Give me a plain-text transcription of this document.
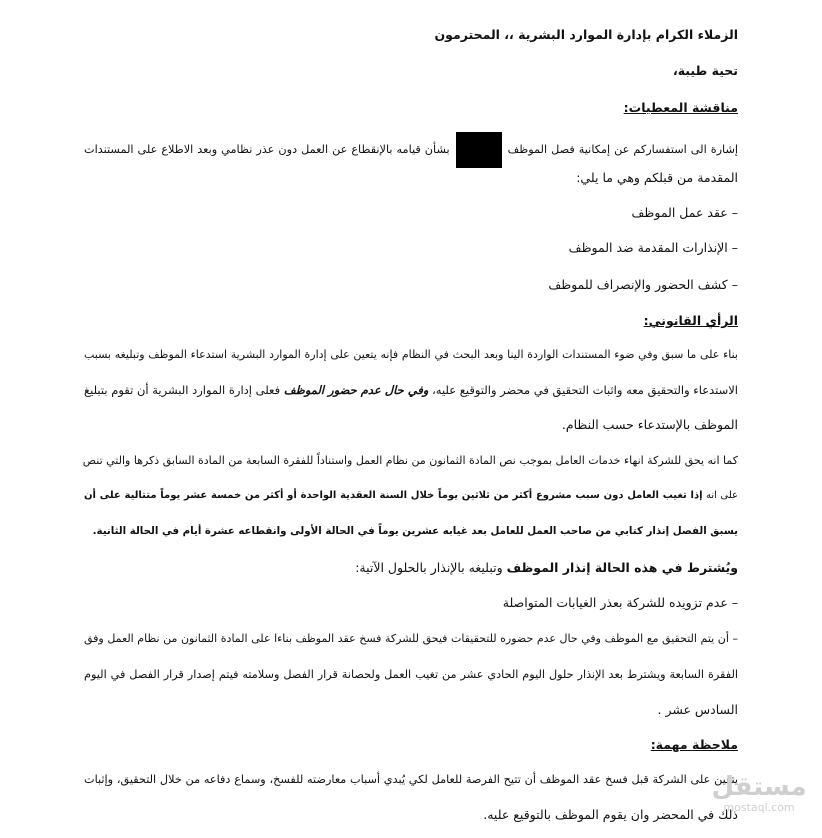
الزملاء الكرام بإدارة الموارد البشرية ،، المحترمون
تحية طيبة،
مناقشة المعطيات:
إشارة الى استفساركم عن إمكانية فصل الموظف  بشأن قيامه بالإنقطاع عن العمل دون عذر نظامي وبعد الاطلاع على المستندات
المقدمة من قبلكم وهي ما يلي:
– عقد عمل الموظف
– الإنذارات المقدمة ضد الموظف
– كشف الحضور والإنصراف للموظف
الرأي القانوني:
بناء على ما سبق وفي ضوء المستندات الواردة الينا وبعد البحث في النظام فإنه يتعين على إدارة الموارد البشرية استدعاء الموظف وتبليغه بسبب
الاستدعاء والتحقيق معه واثبات التحقيق في محضر والتوقيع عليه، وفي حال عدم حضور الموظف فعلى إدارة الموارد البشرية أن تقوم بتبليغ
الموظف بالإستدعاء حسب النظام.
كما انه يحق للشركة انهاء خدمات العامل بموجب نص المادة الثمانون من نظام العمل واستناداً للفقرة السابعة من المادة السابق ذكرها والتي تنص
على انه إذا تغيب العامل دون سبب مشروع أكثر من ثلاثين يوماً خلال السنة العقدية الواحدة أو أكثر من خمسة عشر يوماً متتالية على أن
يسبق الفصل إنذار كتابي من صاحب العمل للعامل بعد غيابه عشرين يوماً في الحالة الأولى وانقطاعه عشرة أيام في الحالة الثانية.
ويُشترط في هذه الحالة إنذار الموظف وتبليغه بالإنذار بالحلول الآتية:
– عدم تزويده للشركة بعذر الغيابات المتواصلة
– أن يتم التحقيق مع الموظف وفي حال عدم حضوره للتحقيقات فيحق للشركة فسخ عقد الموظف بناءا على المادة الثمانون من نظام العمل وفق
الفقرة السابعة ويشترط بعد الإنذار حلول اليوم الحادي عشر من تغيب العمل ولحصانة قرار الفصل وسلامته فيتم إصدار قرار الفصل في اليوم
السادس عشر .
ملاحظة مهمة:
يتعين على الشركة قبل فسخ عقد الموظف أن تتيح الفرصة للعامل لكي يُبدي أسباب معارضته للفسخ، وسماع دفاعه من خلال التحقيق، وإثبات
ذلك في المحضر وان يقوم الموظف بالتوقيع عليه.
مستقل
mostaql.com
